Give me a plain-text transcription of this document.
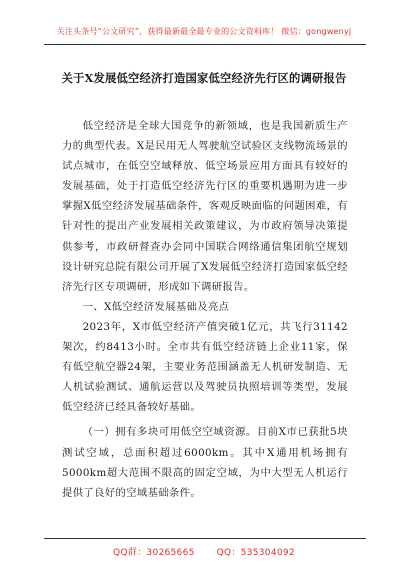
关注头条号“公文研究”，获得最新最全最专业的公文资料库！ 微信：gongwenyj
关于X发展低空经济打造国家低空经济先行区的调研报告

低空经济是全球大国竞争的新领域，也是我国新质生产力的典型代表。X是民用无人驾驶航空试验区支线物流场景的试点城市，在低空空域释放、低空场景应用方面具有较好的发展基础，处于打造低空经济先行区的重要机遇期为进一步掌握X低空经济发展基础条件，客观反映面临的问题困难，有针对性的提出产业发展相关政策建议，为市政府领导决策提供参考，市政研督查办会同中国联合网络通信集团航空规划设计研究总院有限公司开展了X发展低空经济打造国家低空经济先行区专项调研，形成如下调研报告。

一、X低空经济发展基础及亮点

2023年，X市低空经济产值突破1亿元，共飞行31142架次，约8413小时。全市共有低空经济链上企业11家，保有低空航空器24架，主要业务范围涵盖无人机研发制造、无人机试验测试、通航运营以及驾驶员执照培训等类型，发展低空经济已经具备较好基础。

（一）拥有多块可用低空空域资源。目前X市已获批5块测试空域，总面积超过6000km。其中X通用机场拥有5000km超大范围不限高的固定空域，为中大型无人机运行提供了良好的空域基础条件。

QQ群：30265665 QQ：535304092
